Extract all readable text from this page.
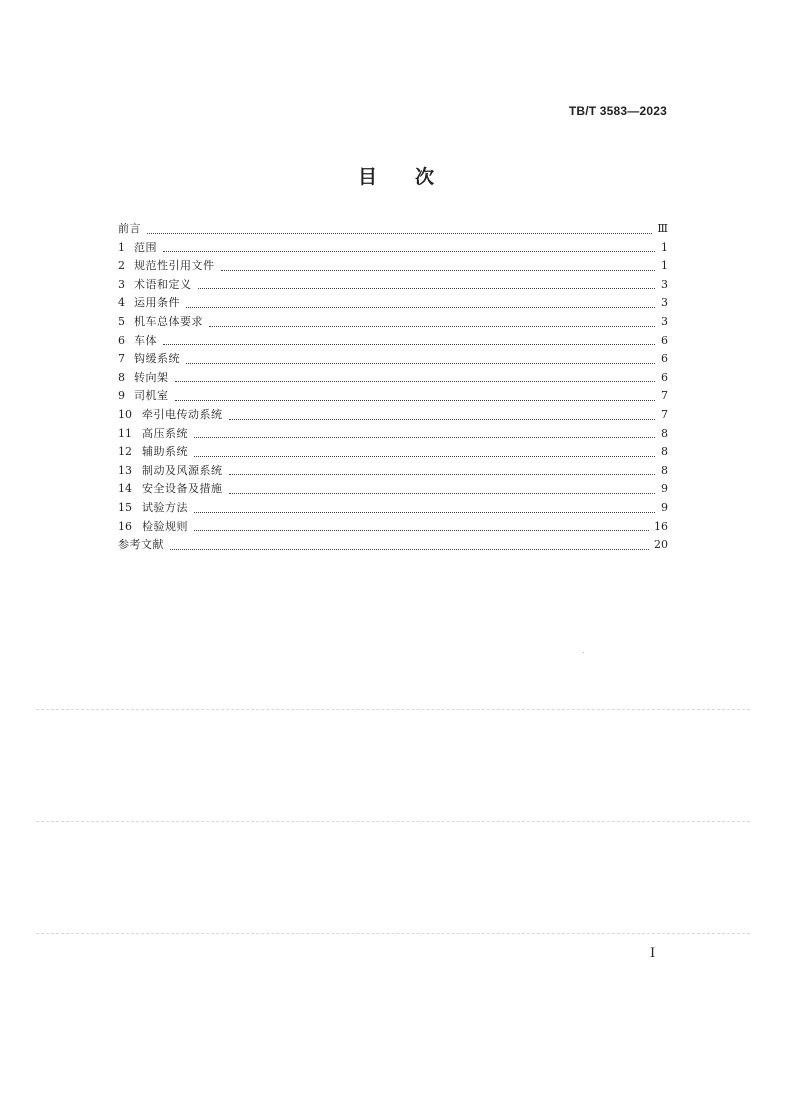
TB/T 3583—2023
目 次
前言	Ⅲ
1 范围	1
2 规范性引用文件	1
3 术语和定义	3
4 运用条件	3
5 机车总体要求	3
6 车体	6
7 钩缓系统	6
8 转向架	6
9 司机室	7
10 牵引电传动系统	7
11 高压系统	8
12 辅助系统	8
13 制动及风源系统	8
14 安全设备及措施	9
15 试验方法	9
16 检验规则	16
参考文献	20
I
